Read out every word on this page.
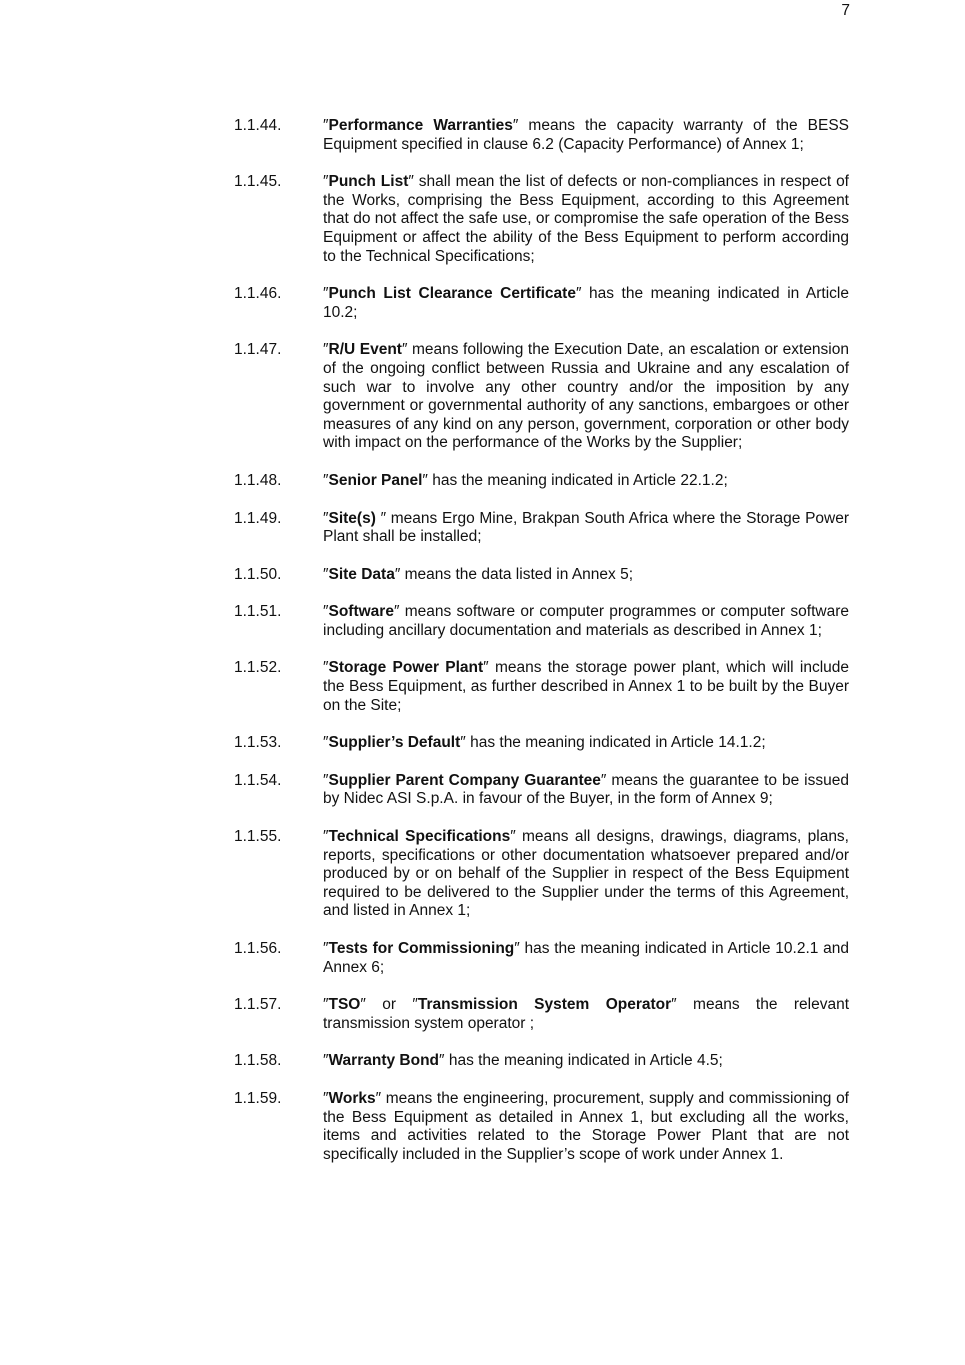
7
1.1.44.	″Performance Warranties″ means the capacity warranty of the BESS Equipment specified in clause 6.2 (Capacity Performance) of Annex 1;
1.1.45.	″Punch List″ shall mean the list of defects or non-compliances in respect of the Works, comprising the Bess Equipment, according to this Agreement that do not affect the safe use, or compromise the safe operation of the Bess Equipment or affect the ability of the Bess Equipment to perform according to the Technical Specifications;
1.1.46.	″Punch List Clearance Certificate″ has the meaning indicated in Article 10.2;
1.1.47.	″R/U Event″ means following the Execution Date, an escalation or extension of the ongoing conflict between Russia and Ukraine and any escalation of such war to involve any other country and/or the imposition by any government or governmental authority of any sanctions, embargoes or other measures of any kind on any person, government, corporation or other body with impact on the performance of the Works by the Supplier;
1.1.48.	″Senior Panel″ has the meaning indicated in Article 22.1.2;
1.1.49.	″Site(s) ″ means Ergo Mine, Brakpan South Africa where the Storage Power Plant shall be installed;
1.1.50.	″Site Data″ means the data listed in Annex 5;
1.1.51.	″Software″ means software or computer programmes or computer software including ancillary documentation and materials as described in Annex 1;
1.1.52.	″Storage Power Plant″ means the storage power plant, which will include the Bess Equipment, as further described in Annex 1 to be built by the Buyer on the Site;
1.1.53.	″Supplier’s Default″ has the meaning indicated in Article 14.1.2;
1.1.54.	″Supplier Parent Company Guarantee″ means the guarantee to be issued by Nidec ASI S.p.A. in favour of the Buyer, in the form of Annex 9;
1.1.55.	″Technical Specifications″ means all designs, drawings, diagrams, plans, reports, specifications or other documentation whatsoever prepared and/or produced by or on behalf of the Supplier in respect of the Bess Equipment required to be delivered to the Supplier under the terms of this Agreement, and listed in Annex 1;
1.1.56.	″Tests for Commissioning″ has the meaning indicated in Article 10.2.1 and Annex 6;
1.1.57.	″TSO″ or ″Transmission System Operator″ means the relevant transmission system operator ;
1.1.58.	″Warranty Bond″ has the meaning indicated in Article 4.5;
1.1.59.	″Works″ means the engineering, procurement, supply and commissioning of the Bess Equipment as detailed in Annex 1, but excluding all the works, items and activities related to the Storage Power Plant that are not specifically included in the Supplier’s scope of work under Annex 1.
